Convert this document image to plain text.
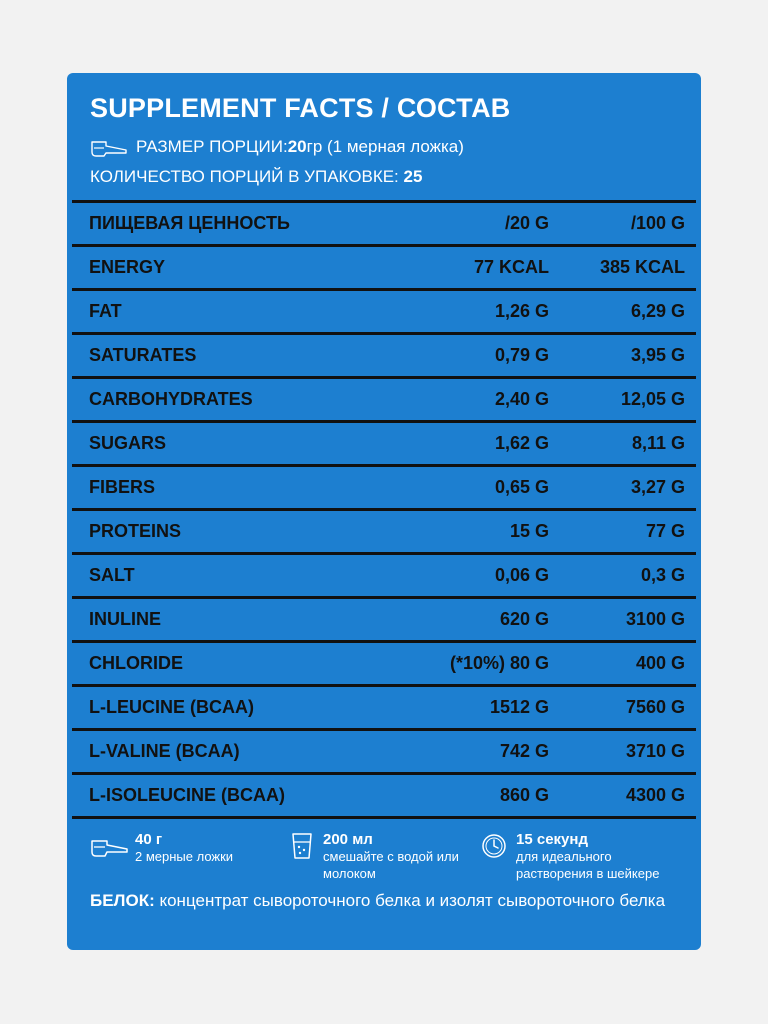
SUPPLEMENT FACTS / СОСТАВ
РАЗМЕР ПОРЦИИ: 20 гр (1 мерная ложка)
КОЛИЧЕСТВО ПОРЦИЙ В УПАКОВКЕ: 25
ПИЩЕВАЯ ЦЕННОСТЬ	/20 G	/100 G
ENERGY	77 KCAL	385 KCAL
FAT	1,26 G	6,29 G
SATURATES	0,79 G	3,95 G
CARBOHYDRATES	2,40 G	12,05 G
SUGARS	1,62 G	8,11 G
FIBERS	0,65 G	3,27 G
PROTEINS	15 G	77 G
SALT	0,06 G	0,3 G
INULINE	620 G	3100 G
CHLORIDE	(*10%) 80 G	400 G
L-LEUCINE (BCAA)	1512 G	7560 G
L-VALINE (BCAA)	742 G	3710 G
L-ISOLEUCINE (BCAA)	860 G	4300 G
40 г
2 мерные ложки
200 мл
смешайте с водой или молоком
15 секунд
для идеального растворения в шейкере
БЕЛОК: концентрат сывороточного белка и изолят сывороточного белка
